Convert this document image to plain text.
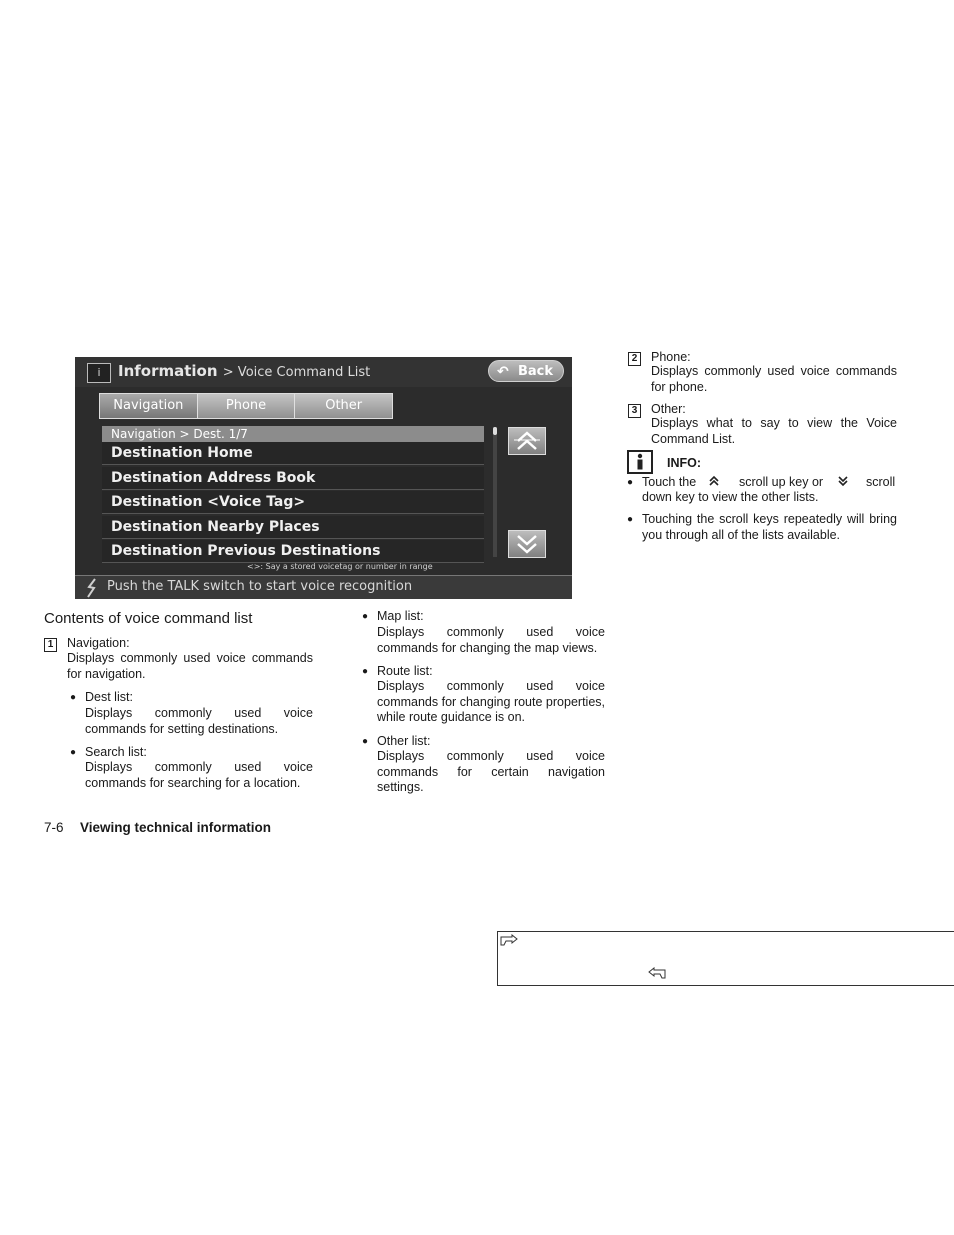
i	Information > Voice Command List	↶ Back
Navigation	Phone	Other
Navigation > Dest. 1/7
Destination Home
Destination Address Book
Destination <Voice Tag>
Destination Nearby Places
Destination Previous Destinations
<>: Say a stored voicetag or number in range
Push the TALK switch to start voice recognition
Contents of voice command list
1 Navigation:
Displays commonly used voice commands for navigation.
● Dest list:
Displays commonly used voice commands for setting destinations.
● Search list:
Displays commonly used voice commands for searching for a location.
● Map list:
Displays commonly used voice commands for changing the map views.
● Route list:
Displays commonly used voice commands for changing route properties, while route guidance is on.
● Other list:
Displays commonly used voice commands for certain navigation settings.
2 Phone:
Displays commonly used voice commands for phone.
3 Other:
Displays what to say to view the Voice Command List.
INFO:
● Touch the	scroll up key or	scroll
down key to view the other lists.
● Touching the scroll keys repeatedly will bring you through all of the lists available.
7-6 Viewing technical information
